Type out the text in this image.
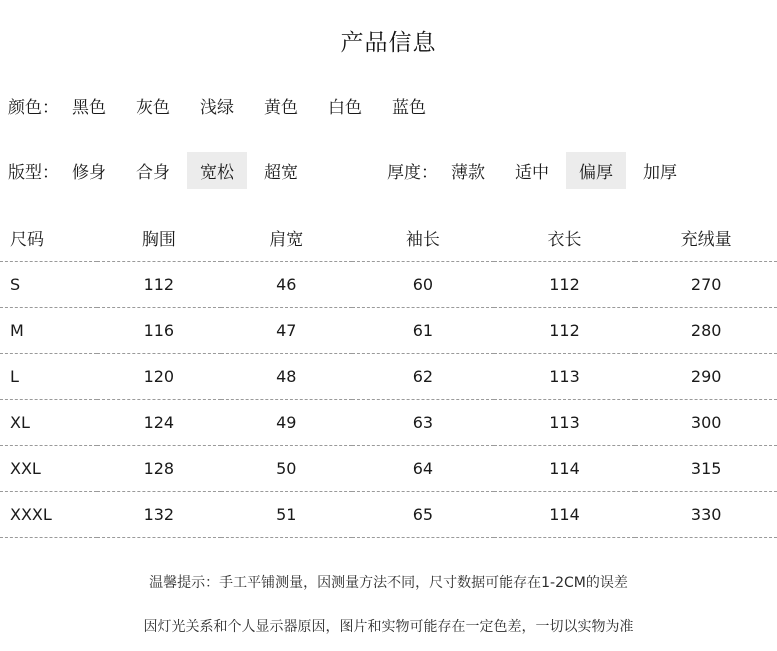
产品信息
颜色： 黑色	灰色	浅绿	黄色	白色	蓝色
版型： 修身	合身	宽松	超宽	厚度： 薄款	适中	偏厚	加厚
尺码	胸围	肩宽	袖长	衣长	充绒量
S	112	46	60	112	270
M	116	47	61	112	280
L	120	48	62	113	290
XL	124	49	63	113	300
XXL	128	50	64	114	315
XXXL	132	51	65	114	330
温馨提示：手工平铺测量，因测量方法不同，尺寸数据可能存在1-2CM的误差
因灯光关系和个人显示器原因，图片和实物可能存在一定色差，一切以实物为准
